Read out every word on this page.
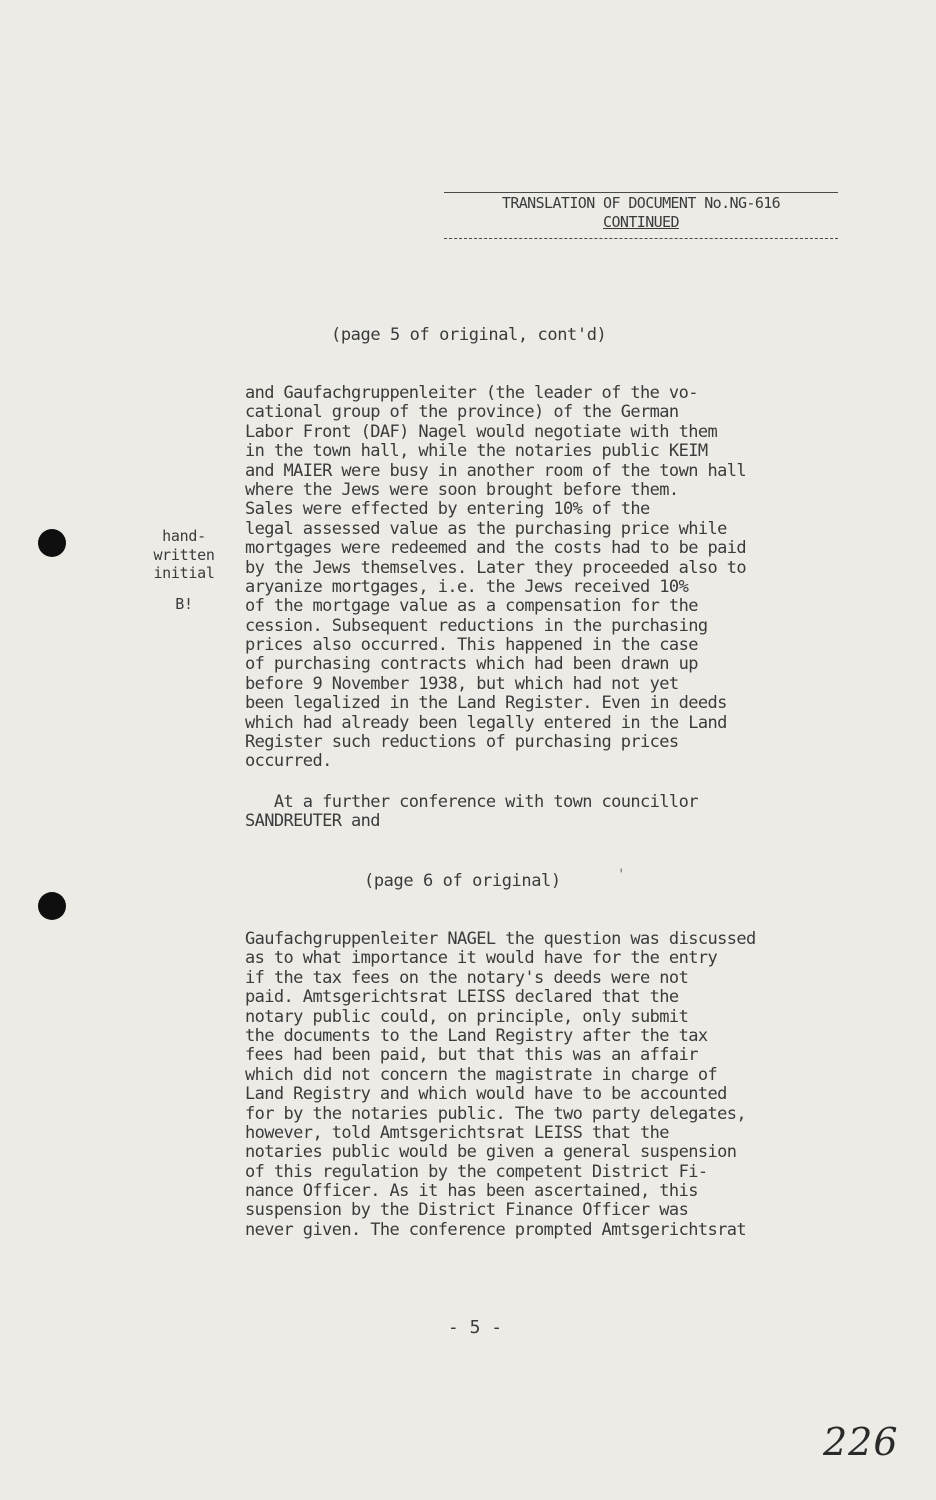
TRANSLATION OF DOCUMENT No.NG-616
CONTINUED
(page 5 of original, cont'd)
and Gaufachgruppenleiter (the leader of the vo-
cational group of the province) of the German
Labor Front (DAF) Nagel would negotiate with them
in the town hall, while the notaries public KEIM
and MAIER were busy in another room of the town hall
where the Jews were soon brought before them.
Sales were effected by entering 10% of the
legal assessed value as the purchasing price while
mortgages were redeemed and the costs had to be paid
by the Jews themselves. Later they proceeded also to
aryanize mortgages, i.e. the Jews received 10%
of the mortgage value as a compensation for the
cession. Subsequent reductions in the purchasing
prices also occurred. This happened in the case
of purchasing contracts which had been drawn up
before 9 November 1938, but which had not yet
been legalized in the Land Register. Even in deeds
which had already been legally entered in the Land
Register such reductions of purchasing prices
occurred.
hand-
written
initial
B!
At a further conference with town councillor
SANDREUTER and
(page 6 of original)	'
Gaufachgruppenleiter NAGEL the question was discussed
as to what importance it would have for the entry
if the tax fees on the notary's deeds were not
paid. Amtsgerichtsrat LEISS declared that the
notary public could, on principle, only submit
the documents to the Land Registry after the tax
fees had been paid, but that this was an affair
which did not concern the magistrate in charge of
Land Registry and which would have to be accounted
for by the notaries public. The two party delegates,
however, told Amtsgerichtsrat LEISS that the
notaries public would be given a general suspension
of this regulation by the competent District Fi-
nance Officer. As it has been ascertained, this
suspension by the District Finance Officer was
never given. The conference prompted Amtsgerichtsrat
- 5 -
226
